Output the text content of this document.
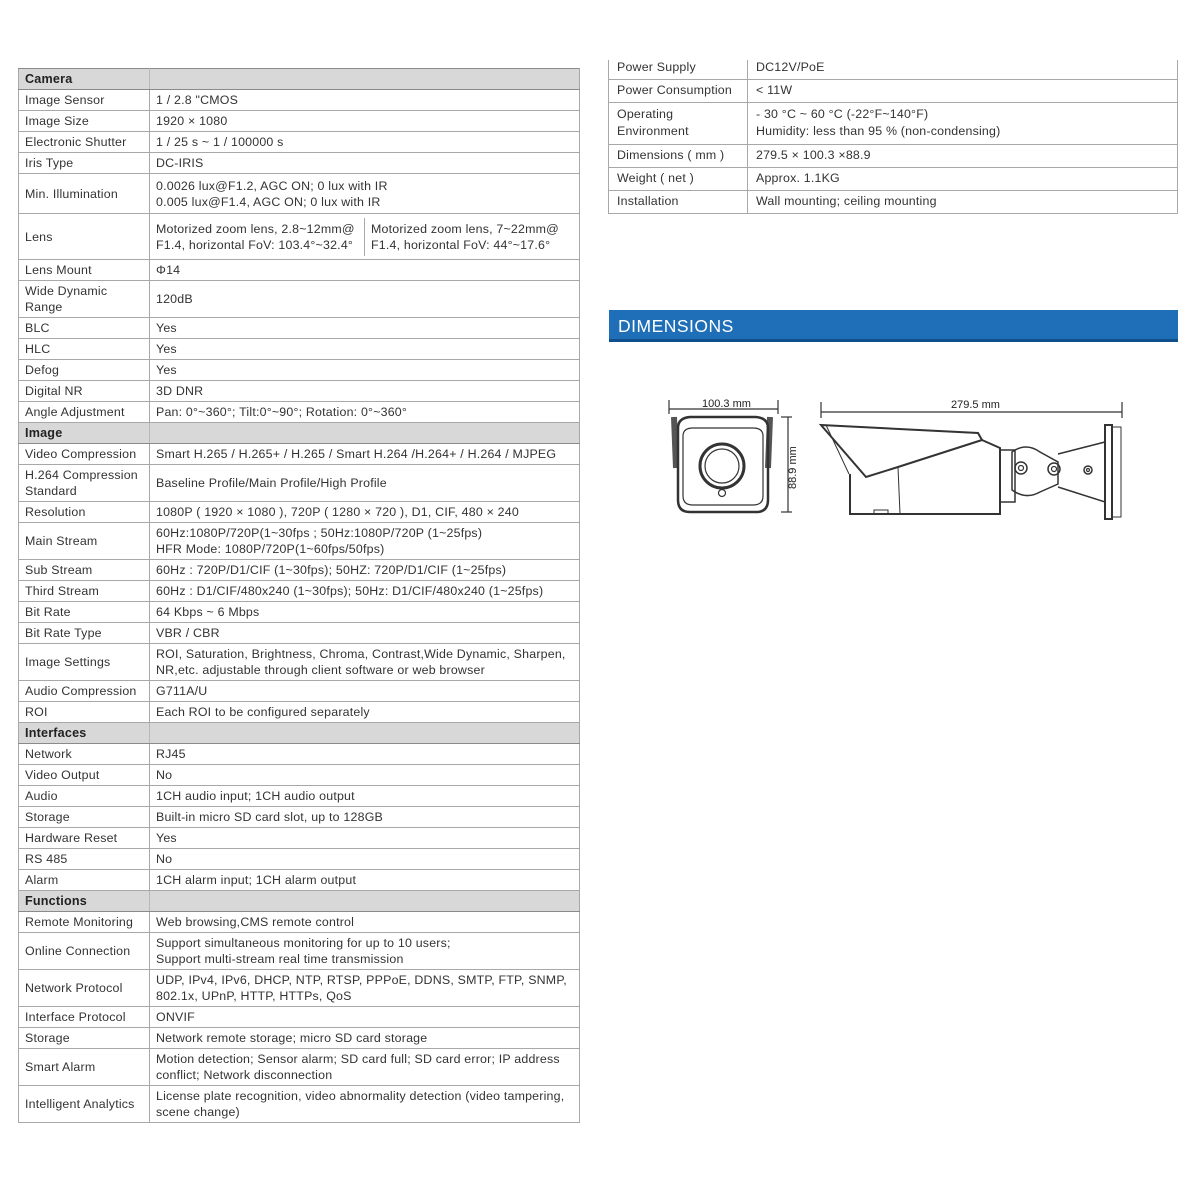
Camera	
Image Sensor	1 / 2.8 "CMOS
Image Size	1920 × 1080
Electronic Shutter	1 / 25 s ~ 1 / 100000 s
Iris Type	DC-IRIS
Min. Illumination	0.0026 lux@F1.2, AGC ON; 0 lux with IR
0.005 lux@F1.4, AGC ON; 0 lux with IR
Lens	Motorized zoom lens, 2.8~12mm@ F1.4, horizontal FoV: 103.4°~32.4°
Motorized zoom lens, 7~22mm@ F1.4, horizontal FoV: 44°~17.6°

Lens Mount	Φ14
Wide Dynamic Range	120dB
BLC	Yes
HLC	Yes
Defog	Yes
Digital NR	3D DNR
Angle Adjustment	Pan: 0°~360°; Tilt:0°~90°; Rotation: 0°~360°
Image	
Video Compression	Smart H.265 / H.265+ / H.265 / Smart H.264 /H.264+ / H.264 / MJPEG
H.264 Compression Standard	Baseline Profile/Main Profile/High Profile
Resolution	1080P ( 1920 × 1080 ), 720P ( 1280 × 720 ), D1, CIF, 480 × 240
Main Stream	60Hz:1080P/720P(1~30fps ; 50Hz:1080P/720P (1~25fps)
HFR Mode: 1080P/720P(1~60fps/50fps)
Sub Stream	60Hz : 720P/D1/CIF (1~30fps); 50HZ: 720P/D1/CIF (1~25fps)
Third Stream	60Hz : D1/CIF/480x240 (1~30fps); 50Hz: D1/CIF/480x240 (1~25fps)
Bit Rate	64 Kbps ~ 6 Mbps
Bit Rate Type	VBR / CBR
Image Settings	ROI, Saturation, Brightness, Chroma, Contrast,Wide Dynamic, Sharpen, NR,etc. adjustable through client software or web browser
Audio Compression	G711A/U
ROI	Each ROI to be configured separately
Interfaces	
Network	RJ45
Video Output	No
Audio	1CH audio input; 1CH audio output
Storage	Built-in micro SD card slot, up to 128GB
Hardware Reset	Yes
RS 485	No
Alarm	1CH alarm input; 1CH alarm output
Functions	
Remote Monitoring	Web browsing,CMS remote control
Online Connection	Support simultaneous monitoring for up to 10 users;
Support multi-stream real time transmission
Network Protocol	UDP, IPv4, IPv6, DHCP, NTP, RTSP, PPPoE, DDNS, SMTP, FTP, SNMP, 802.1x, UPnP, HTTP, HTTPs, QoS
Interface Protocol	ONVIF
Storage	Network remote storage; micro SD card storage
Smart Alarm	Motion detection; Sensor alarm; SD card full; SD card error; IP address conflict; Network disconnection
Intelligent Analytics	License plate recognition, video abnormality detection (video tampering, scene change)
Power Supply	DC12V/PoE
Power Consumption	< 11W
Operating Environment	- 30 °C ~ 60 °C (-22°F~140°F)
Humidity: less than 95 % (non-condensing)
Dimensions ( mm )	279.5 × 100.3 ×88.9
Weight ( net )	Approx. 1.1KG
Installation	Wall mounting; ceiling mounting
DIMENSIONS
100.3 mm
88.9 mm
279.5 mm
